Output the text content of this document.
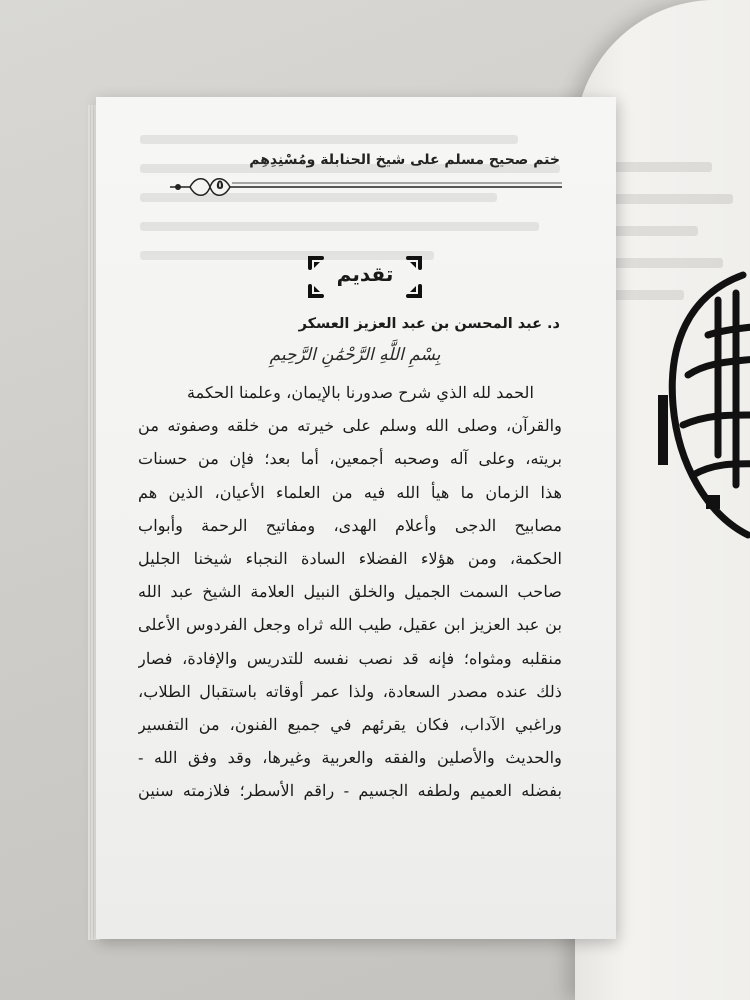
ختم صحيح مسلم على شيخ الحنابلة ومُسْنِدِهِم
٥
تقديم
د. عبد المحسن بن عبد العزيز العسكر
بِسْمِ اللَّهِ الرَّحْمَٰنِ الرَّحِيمِ
الحمد لله الذي شرح صدورنا بالإيمان، وعلمنا الحكمة
والقرآن، وصلى الله وسلم على خيرته من خلقه وصفوته من
بريته، وعلى آله وصحبه أجمعين، أما بعد؛ فإن من حسنات
هذا الزمان ما هيأ الله فيه من العلماء الأعيان، الذين هم
مصابيح الدجى وأعلام الهدى، ومفاتيح الرحمة وأبواب
الحكمة، ومن هؤلاء الفضلاء السادة النجباء شيخنا الجليل
صاحب السمت الجميل والخلق النبيل العلامة الشيخ عبد الله
بن عبد العزيز ابن عقيل، طيب الله ثراه وجعل الفردوس الأعلى
منقلبه ومثواه؛ فإنه قد نصب نفسه للتدريس والإفادة، فصار
ذلك عنده مصدر السعادة، ولذا عمر أوقاته باستقبال الطلاب،
وراغبي الآداب، فكان يقرئهم في جميع الفنون، من التفسير
والحديث والأصلين والفقه والعربية وغيرها، وقد وفق الله -
بفضله العميم ولطفه الجسيم - راقم الأسطر؛ فلازمته سنين
